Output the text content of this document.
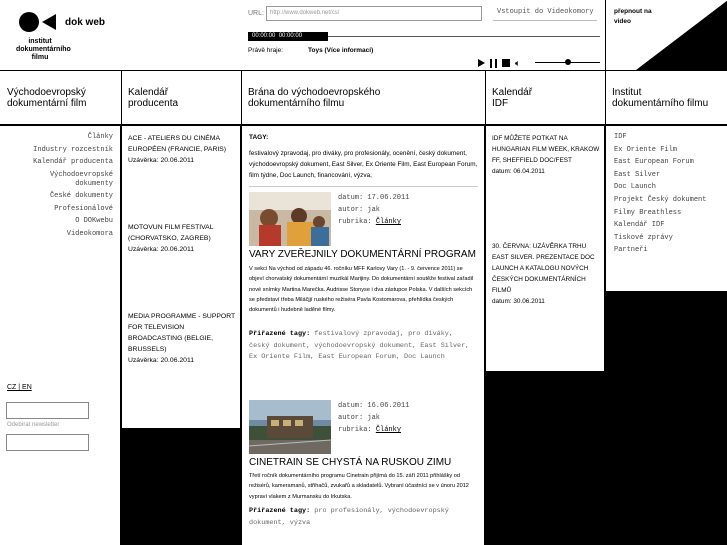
dok web
institut
dokumentárního
filmu
URL:	http://www.dokweb.net/cs/	Vstoupit do Videokomory
00:00:00 00:00:00
Právě hraje:	Toys (Více informací)
🔈︎
přepnout na
video
Východoevropský
dokumentární film
Kalendář
producenta
Brána do východoevropského
dokumentárního filmu
Kalendář
IDF
Institut
dokumentárního filmu
Články
Industry rozcestník
Kalendář producenta
Východoevropské
dokumenty
České dokumenty
Profesionálové
O DOKwebu
Videokomora
CZ | EN
Odebírat newsletter
ACE - ATELIERS DU CINÉMA EUROPÉEN (FRANCIE, PARIS)
Uzávěrka: 20.06.2011
MOTOVUN FILM FESTIVAL (CHORVATSKO, ZAGREB)
Uzávěrka: 20.06.2011
MEDIA PROGRAMME - SUPPORT FOR TELEVISION BROADCASTING (BELGIE, BRUSSELS)
Uzávěrka: 20.06.2011
TAGY:
festivalový zpravodaj, pro diváky, pro profesionály, ocenění, český dokument, východoevropský dokument, East Silver, Ex Oriente Film, East European Forum, film týdne, Doc Launch, financování, výzva,
datum: 17.06.2011
autor: jak
rubrika: Články
VARY ZVEŘEJNILY DOKUMENTÁRNÍ PROGRAM
V sekci Na východ od západu 46. ročníku MFF Karlovy Vary (1. - 9. července 2011) se objeví chorvatský dokumentární muzikál Marijiny. Do dokumentární soutěže festival zařadil nové snímky Martina Marečka. Audrisse Stonyse i dva zástupce Polska. V dalších sekcích se představí třeba Miláčjjí ruského režiséra Pavla Kostomarova, přehlídka českých dokumentů i hudebně laděné filmy.
Přiřazené tagy: festivalový zpravodaj, pro diváky, český dokument, východoevropský dokument, East Silver, Ex Oriente Film, East European Forum, Doc Launch
datum: 16.06.2011
autor: jak
rubrika: Články
CINETRAIN SE CHYSTÁ NA RUSKOU ZIMU
Třetí ročník dokumentárního programu Cinetrain přijímá do 15. září 2011 přihlášky od režisérů, kameramanů, střihačů, zvukařů a skladatelů. Vybraní účastníci se v únoru 2012 vypraví vlakem z Murmansku do Irkutska.
Přiřazené tagy: pro profesionály, východoevropský dokument, výzva
IDF MŮŽETE POTKAT NA HUNGARIAN FILM WEEK, KRAKOW FF, SHEFFIELD DOC/FEST
datum: 06.04.2011
30. ČERVNA: UZÁVĚRKA TRHU EAST SILVER. PREZENTACE DOC LAUNCH A KATALOGU NOVÝCH ČESKÝCH DOKUMENTÁRNÍCH FILMŮ
datum: 30.06.2011
IDF
Ex Oriente Film
East European Forum
East Silver
Doc Launch
Projekt Český dokument
Filmy Breathless
Kalendář IDF
Tiskové zprávy
Partneři
